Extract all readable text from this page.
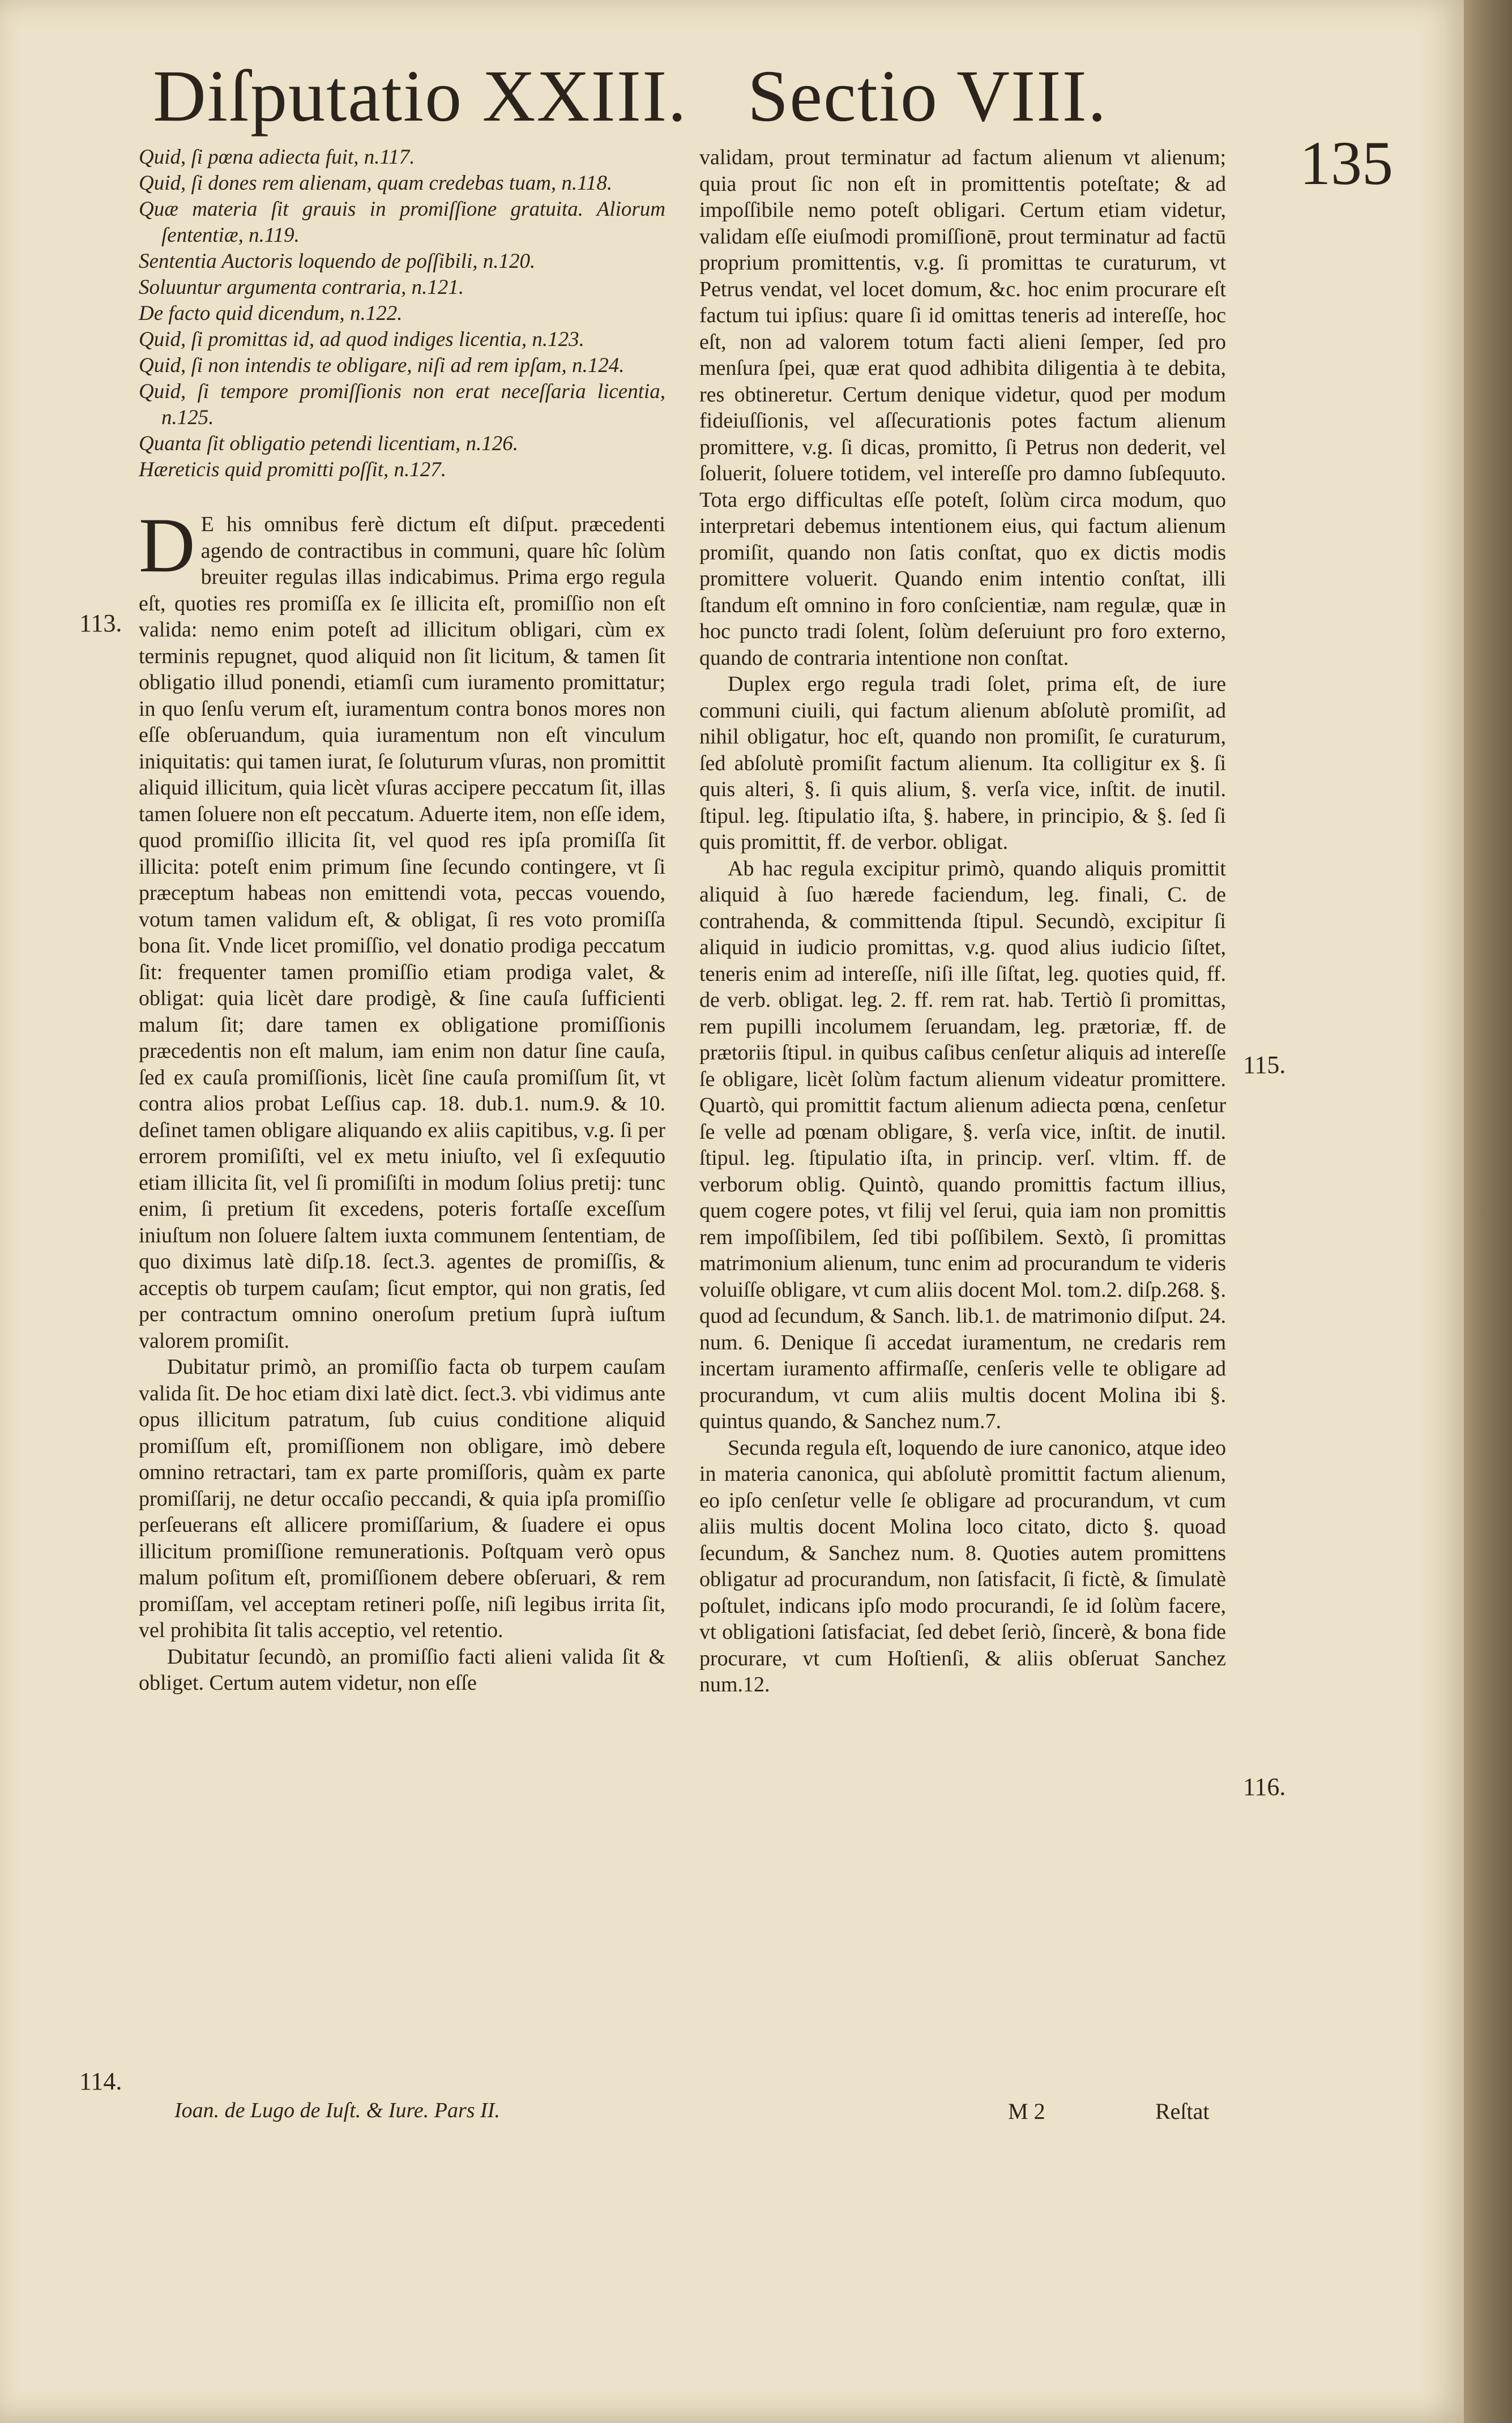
Diſputatio XXIII. Sectio VIII.
135

Quid, ſi pœna adiecta fuit, n.117.

Quid, ſi dones rem alienam, quam credebas tuam, n.118.

Quæ materia ſit grauis in promiſſione gratuita. Aliorum ſententiæ, n.119.

Sententia Auctoris loquendo de poſſibili, n.120.

Soluuntur argumenta contraria, n.121.

De facto quid dicendum, n.122.

Quid, ſi promittas id, ad quod indiges licentia, n.123.

Quid, ſi non intendis te obligare, niſi ad rem ipſam, n.124.

Quid, ſi tempore promiſſionis non erat neceſſaria licentia, n.125.

Quanta ſit obligatio petendi licentiam, n.126.

Hæreticis quid promitti poſſit, n.127.

D E his omnibus ferè dictum eſt diſput. præcedenti agendo de contractibus in communi, quare hîc ſolùm breuiter regulas illas indicabimus. Prima ergo regula eſt, quoties res promiſſa ex ſe illicita eſt, promiſſio non eſt valida: nemo enim poteſt ad illicitum obligari, cùm ex terminis repugnet, quod aliquid non ſit licitum, & tamen ſit obligatio illud ponendi, etiamſi cum iuramento promittatur; in quo ſenſu verum eſt, iuramentum contra bonos mores non eſſe obſeruandum, quia iuramentum non eſt vinculum iniquitatis: qui tamen iurat, ſe ſoluturum vſuras, non promittit aliquid illicitum, quia licèt vſuras accipere peccatum ſit, illas tamen ſoluere non eſt peccatum. Aduerte item, non eſſe idem, quod promiſſio illicita ſit, vel quod res ipſa promiſſa ſit illicita: poteſt enim primum ſine ſecundo contingere, vt ſi præceptum habeas non emittendi vota, peccas vouendo, votum tamen validum eſt, & obligat, ſi res voto promiſſa bona ſit. Vnde licet promiſſio, vel donatio prodiga peccatum ſit: frequenter tamen promiſſio etiam prodiga valet, & obligat: quia licèt dare prodigè, & ſine cauſa ſufficienti malum ſit; dare tamen ex obligatione promiſſionis præcedentis non eſt malum, iam enim non datur ſine cauſa, ſed ex cauſa promiſſionis, licèt ſine cauſa promiſſum ſit, vt contra alios probat Leſſius cap. 18. dub.1. num.9. & 10. deſinet tamen obligare aliquando ex aliis capitibus, v.g. ſi per errorem promiſiſti, vel ex metu iniuſto, vel ſi exſequutio etiam illicita ſit, vel ſi promiſiſti in modum ſolius pretij: tunc enim, ſi pretium ſit excedens, poteris fortaſſe exceſſum iniuſtum non ſoluere ſaltem iuxta communem ſententiam, de quo diximus latè diſp.18. ſect.3. agentes de promiſſis, & acceptis ob turpem cauſam; ſicut emptor, qui non gratis, ſed per contractum omnino oneroſum pretium ſuprà iuſtum valorem promiſit.

Dubitatur primò, an promiſſio facta ob turpem cauſam valida ſit. De hoc etiam dixi latè dict. ſect.3. vbi vidimus ante opus illicitum patratum, ſub cuius conditione aliquid promiſſum eſt, promiſſionem non obligare, imò debere omnino retractari, tam ex parte promiſſoris, quàm ex parte promiſſarij, ne detur occaſio peccandi, & quia ipſa promiſſio perſeuerans eſt allicere promiſſarium, & ſuadere ei opus illicitum promiſſione remunerationis. Poſtquam verò opus malum poſitum eſt, promiſſionem debere obſeruari, & rem promiſſam, vel acceptam retineri poſſe, niſi legibus irrita ſit, vel prohibita ſit talis acceptio, vel retentio.

Dubitatur ſecundò, an promiſſio facti alieni valida ſit & obliget. Certum autem videtur, non eſſe

validam, prout terminatur ad factum alienum vt alienum; quia prout ſic non eſt in promittentis poteſtate; & ad impoſſibile nemo poteſt obligari. Certum etiam videtur, validam eſſe eiuſmodi promiſſionē, prout terminatur ad factū proprium promittentis, v.g. ſi promittas te curaturum, vt Petrus vendat, vel locet domum, &c. hoc enim procurare eſt factum tui ipſius: quare ſi id omittas teneris ad intereſſe, hoc eſt, non ad valorem totum facti alieni ſemper, ſed pro menſura ſpei, quæ erat quod adhibita diligentia à te debita, res obtineretur. Certum denique videtur, quod per modum fideiuſſionis, vel aſſecurationis potes factum alienum promittere, v.g. ſi dicas, promitto, ſi Petrus non dederit, vel ſoluerit, ſoluere totidem, vel intereſſe pro damno ſubſequuto. Tota ergo difficultas eſſe poteſt, ſolùm circa modum, quo interpretari debemus intentionem eius, qui factum alienum promiſit, quando non ſatis conſtat, quo ex dictis modis promittere voluerit. Quando enim intentio conſtat, illi ſtandum eſt omnino in foro conſcientiæ, nam regulæ, quæ in hoc puncto tradi ſolent, ſolùm deſeruiunt pro foro externo, quando de contraria intentione non conſtat.

Duplex ergo regula tradi ſolet, prima eſt, de iure communi ciuili, qui factum alienum abſolutè promiſit, ad nihil obligatur, hoc eſt, quando non promiſit, ſe curaturum, ſed abſolutè promiſit factum alienum. Ita colligitur ex §. ſi quis alteri, §. ſi quis alium, §. verſa vice, inſtit. de inutil. ſtipul. leg. ſtipulatio iſta, §. habere, in principio, & §. ſed ſi quis promittit, ff. de verbor. obligat.

Ab hac regula excipitur primò, quando aliquis promittit aliquid à ſuo hærede faciendum, leg. finali, C. de contrahenda, & committenda ſtipul. Secundò, excipitur ſi aliquid in iudicio promittas, v.g. quod alius iudicio ſiſtet, teneris enim ad intereſſe, niſi ille ſiſtat, leg. quoties quid, ff. de verb. obligat. leg. 2. ff. rem rat. hab. Tertiò ſi promittas, rem pupilli incolumem ſeruandam, leg. prætoriæ, ff. de prætoriis ſtipul. in quibus caſibus cenſetur aliquis ad intereſſe ſe obligare, licèt ſolùm factum alienum videatur promittere. Quartò, qui promittit factum alienum adiecta pœna, cenſetur ſe velle ad pœnam obligare, §. verſa vice, inſtit. de inutil. ſtipul. leg. ſtipulatio iſta, in princip. verſ. vltim. ff. de verborum oblig. Quintò, quando promittis factum illius, quem cogere potes, vt filij vel ſerui, quia iam non promittis rem impoſſibilem, ſed tibi poſſibilem. Sextò, ſi promittas matrimonium alienum, tunc enim ad procurandum te videris voluiſſe obligare, vt cum aliis docent Mol. tom.2. diſp.268. §. quod ad ſecundum, & Sanch. lib.1. de matrimonio diſput. 24. num. 6. Denique ſi accedat iuramentum, ne credaris rem incertam iuramento affirmaſſe, cenſeris velle te obligare ad procurandum, vt cum aliis multis docent Molina ibi §. quintus quando, & Sanchez num.7.

Secunda regula eſt, loquendo de iure canonico, atque ideo in materia canonica, qui abſolutè promittit factum alienum, eo ipſo cenſetur velle ſe obligare ad procurandum, vt cum aliis multis docent Molina loco citato, dicto §. quoad ſecundum, & Sanchez num. 8. Quoties autem promittens obligatur ad procurandum, non ſatisfacit, ſi fictè, & ſimulatè poſtulet, indicans ipſo modo procurandi, ſe id ſolùm facere, vt obligationi ſatisfaciat, ſed debet ſeriò, ſincerè, & bona fide procurare, vt cum Hoſtienſi, & aliis obſeruat Sanchez num.12.

113.
114.
115.
116.
Ioan. de Lugo de Iuſt. & Iure. Pars II.	M 2	Reſtat
